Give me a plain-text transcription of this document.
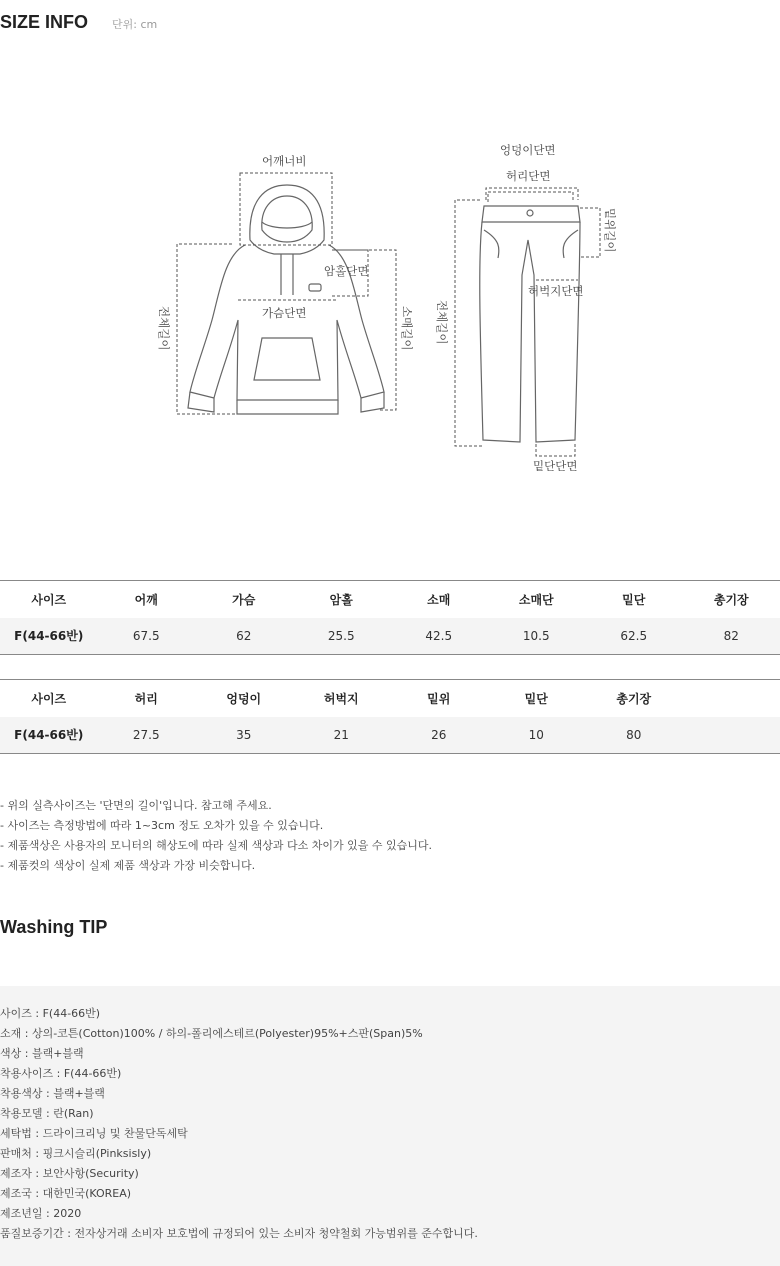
SIZE INFO 단위: cm
어깨너비
암홀단면
가슴단면
엉덩이단면
허리단면
허벅지단면
밑단단면
전체길이	소매길이 전체길이
밑위길이
사이즈	어깨	가슴	암홀	소매	소매단	밑단	총기장
F(44-66반)	67.5	62	25.5	42.5	10.5	62.5	82
사이즈	허리	엉덩이	허벅지	밑위	밑단	총기장	
F(44-66반)	27.5	35	21	26	10	80	
- 위의 실측사이즈는 '단면의 길이'입니다. 참고해 주세요.
- 사이즈는 측정방법에 따라 1~3cm 정도 오차가 있을 수 있습니다.
- 제품색상은 사용자의 모니터의 해상도에 따라 실제 색상과 다소 차이가 있을 수 있습니다.
- 제품컷의 색상이 실제 제품 색상과 가장 비슷합니다.
Washing TIP
사이즈 : F(44-66반)
소재 : 상의-코튼(Cotton)100% / 하의-폴리에스테르(Polyester)95%+스판(Span)5%
색상 : 블랙+블랙
착용사이즈 : F(44-66반)
착용색상 : 블랙+블랙
착용모델 : 란(Ran)
세탁법 : 드라이크리닝 및 찬물단독세탁
판매처 : 핑크시슬리(Pinksisly)
제조자 : 보안사항(Security)
제조국 : 대한민국(KOREA)
제조년일 : 2020
품질보증기간 : 전자상거래 소비자 보호법에 규정되어 있는 소비자 청약철회 가능범위를 준수합니다.
